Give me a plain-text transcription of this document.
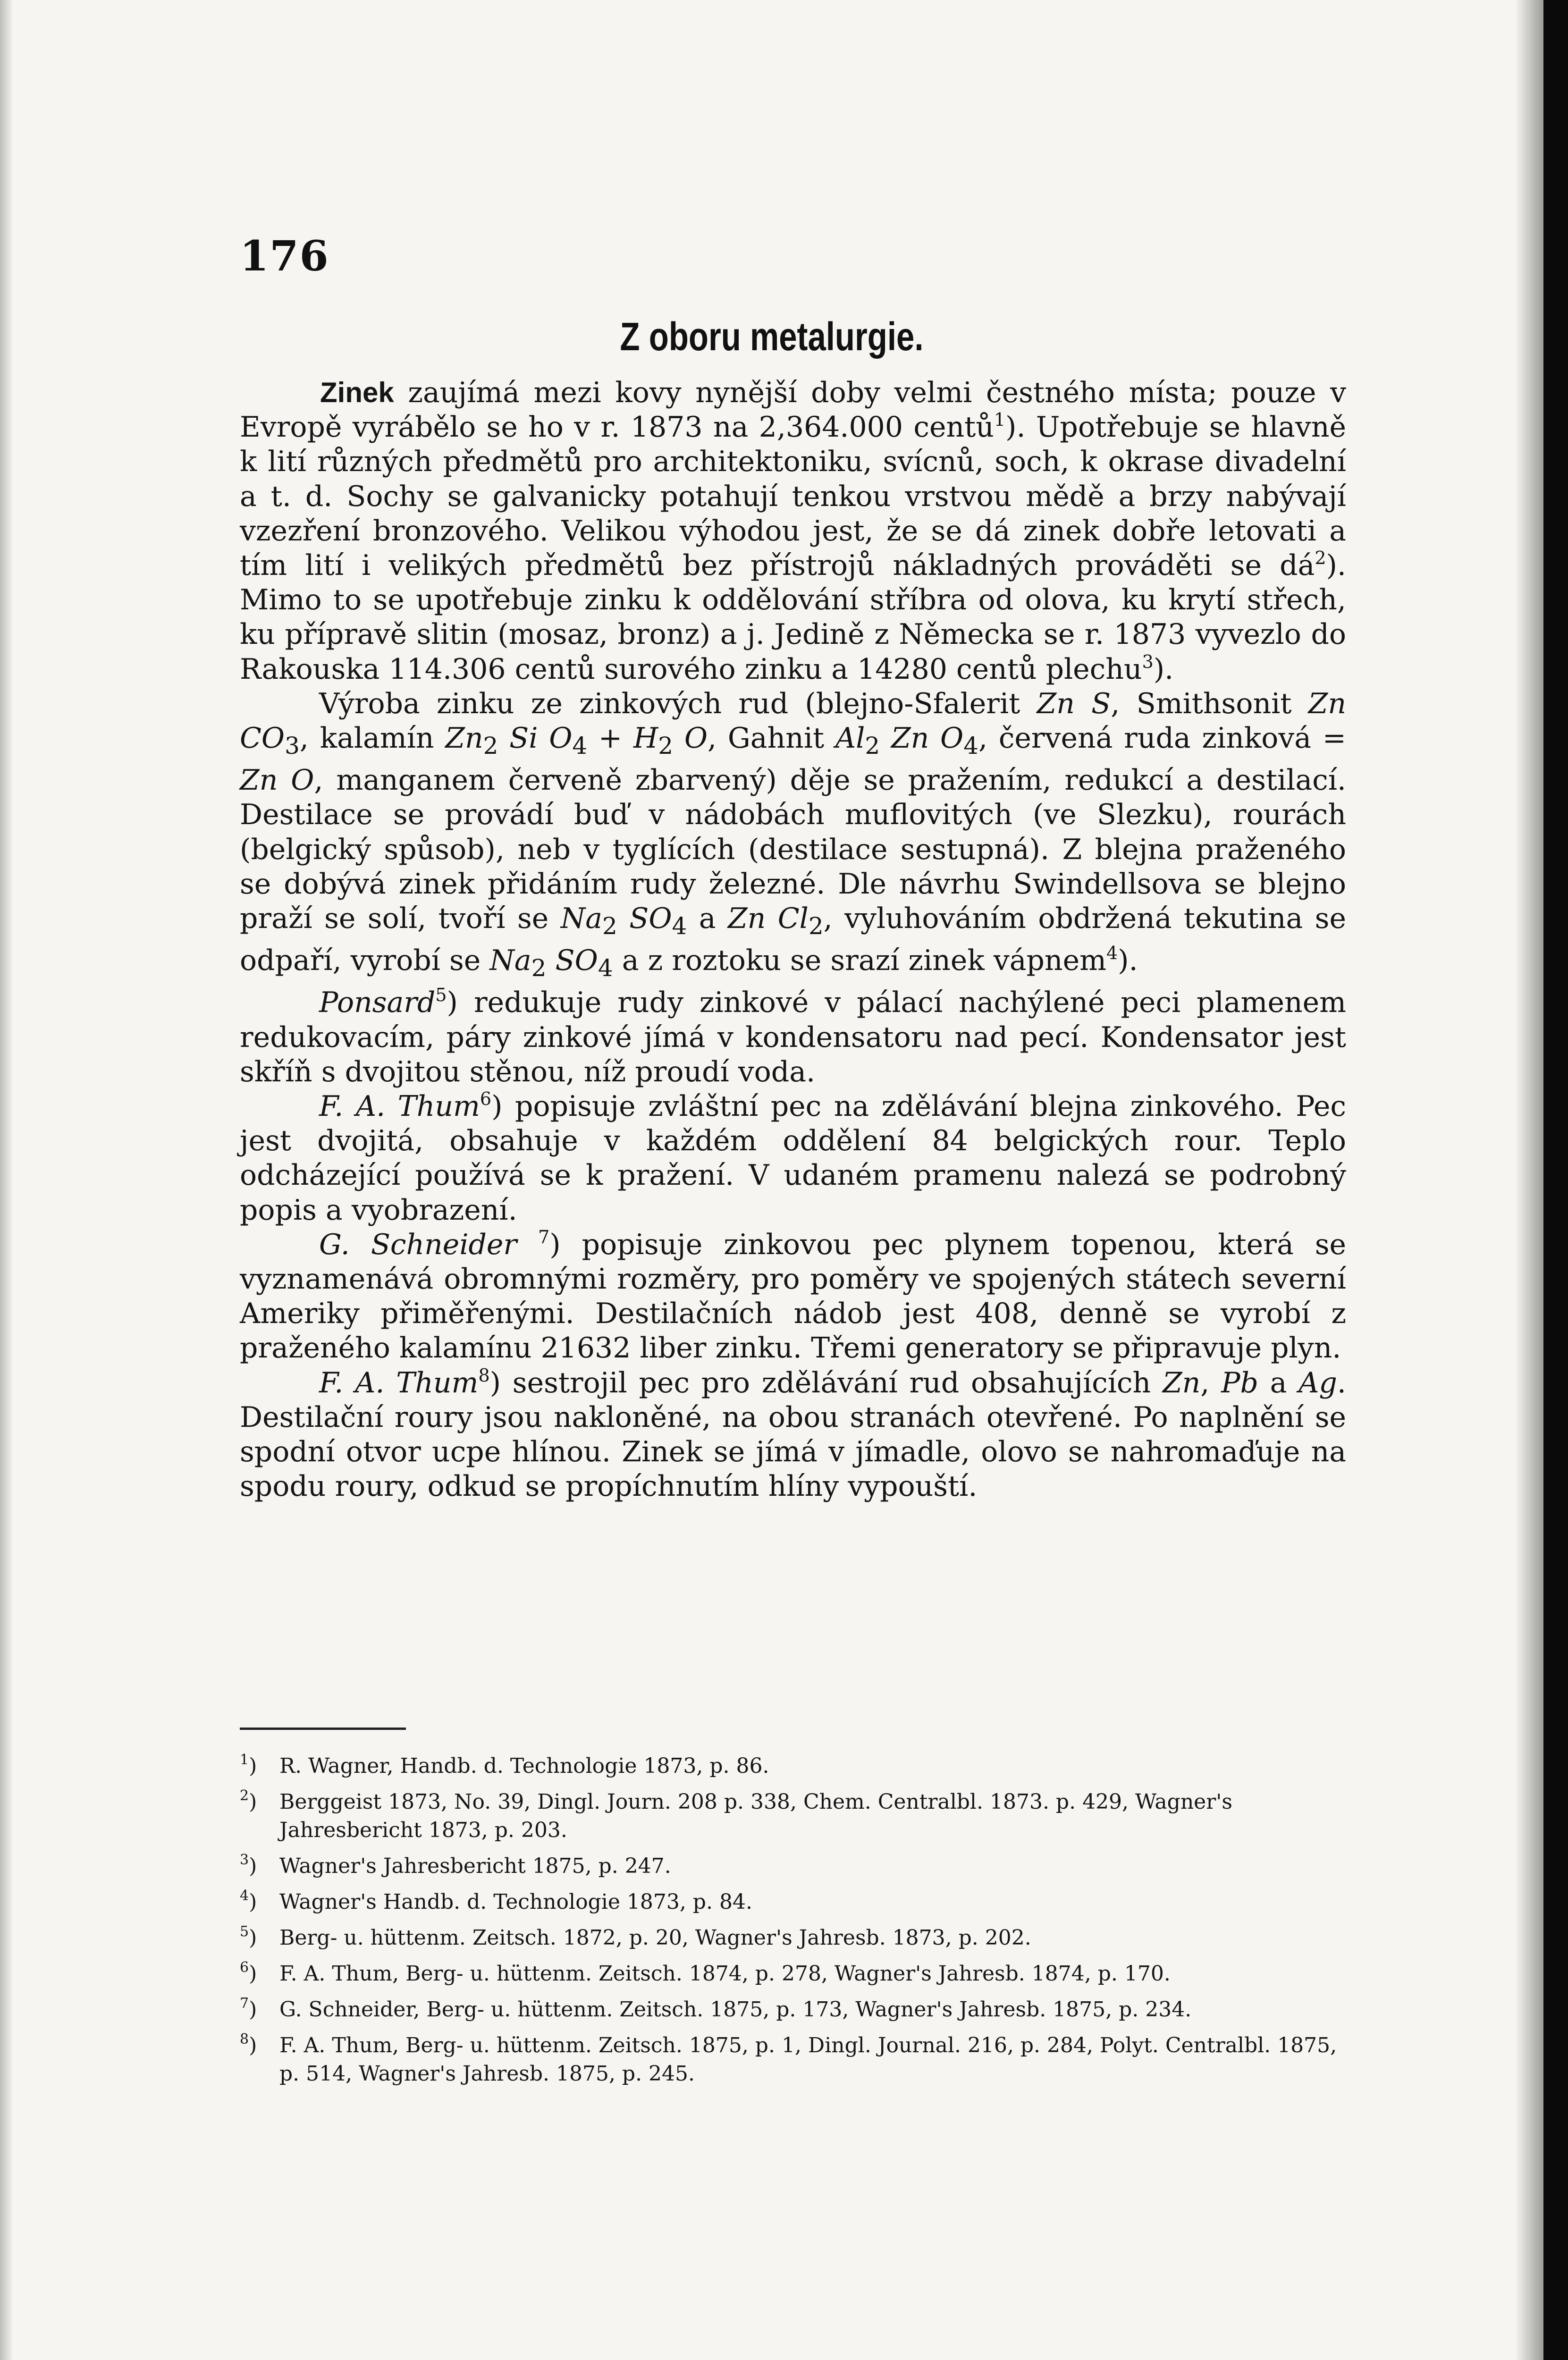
176
Z oboru metalurgie.

Zinek zaujímá mezi kovy nynější doby velmi čestného místa; pouze v Evropě vyrábělo se ho v r. 1873 na 2,364.000 centů$^1$). Upotřebuje se hlavně k lití různých předmětů pro architektoniku, svícnů, soch, k okrase divadelní a t. d. Sochy se galvanicky potahují tenkou vrstvou mědě a brzy nabývají vzezření bronzového. Velikou výhodou jest, že se dá zinek dobře letovati a tím lití i velikých předmětů bez přístrojů nákladných prováděti se $dá^2$). Mimo to se upotřebuje zinku k oddělování stříbra od olova, ku krytí střech, ku přípravě slitin (mosaz, bronz) a j. Jedině z Německa se r. 1873 vyvezlo do Rakouska 114.306 centů surového zinku a 14280 centů plechu$^3$).

Výroba zinku ze zinkových rud (blejno-Sfalerit Zn S, Smithsonit Zn $CO_3$, kalamín $Zn_2$ Si $O_4 + H_2$ O, Gahnit $Al_2$ Zn $O_4$, červená ruda zinková = Zn O, manganem červeně zbarvený) děje se pražením, redukcí a destilací. Destilace se provádí buď v nádobách muflovitých (ve Slezku), rourách (belgický spůsob), neb v tyglících (destilace sestupná). Z blejna praženého se dobývá zinek přidáním rudy železné. Dle návrhu Swindellsova se blejno praží se solí, tvoří se $Na_2$ $SO_4$ a Zn $Cl_2$, vyluhováním obdržená tekutina se odpaří, vyrobí se $Na_2$ $SO_4$ a z roztoku se srazí zinek vápnem$^4$).

Ponsard$^5$) redukuje rudy zinkové v pálací nachýlené peci plamenem redukovacím, páry zinkové jímá v kondensatoru nad pecí. Kondensator jest skříň s dvojitou stěnou, níž proudí voda.

F. A. Thum$^6$) popisuje zvláštní pec na zdělávání blejna zinkového. Pec jest dvojitá, obsahuje v každém oddělení 84 belgických rour. Teplo odcházející používá se k pražení. V udaném pramenu nalezá se podrobný popis a vyobrazení.

G. Schneider $^7$) popisuje zinkovou pec plynem topenou, která se vyznamenává obromnými rozměry, pro poměry ve spojených státech severní Ameriky přiměřenými. Destilačních nádob jest 408, denně se vyrobí z praženého kalamínu 21632 liber zinku. Třemi generatory se připravuje plyn.

F. A. Thum$^8$) sestrojil pec pro zdělávání rud obsahujících Zn, Pb a Ag. Destilační roury jsou nakloněné, na obou stranách otevřené. Po naplnění se spodní otvor ucpe hlínou. Zinek se jímá v jímadle, olovo se nahromaďuje na spodu roury, odkud se propíchnutím hlíny vypouští.

$^1$) R. Wagner, Handb. d. Technologie 1873, p. 86.
$^2$) Berggeist 1873, No. 39, Dingl. Journ. 208 p. 338, Chem. Centralbl. 1873. p. 429, Wagner's Jahresbericht 1873, p. 203.
$^3$) Wagner's Jahresbericht 1875, p. 247.
$^4$) Wagner's Handb. d. Technologie 1873, p. 84.
$^5$) Berg- u. hüttenm. Zeitsch. 1872, p. 20, Wagner's Jahresb. 1873, p. 202.
$^6$) F. A. Thum, Berg- u. hüttenm. Zeitsch. 1874, p. 278, Wagner's Jahresb. 1874, p. 170.
$^7$) G. Schneider, Berg- u. hüttenm. Zeitsch. 1875, p. 173, Wagner's Jahresb. 1875, p. 234.
$^8$) F. A. Thum, Berg- u. hüttenm. Zeitsch. 1875, p. 1, Dingl. Journal. 216, p. 284, Polyt. Centralbl. 1875, p. 514, Wagner's Jahresb. 1875, p. 245.
